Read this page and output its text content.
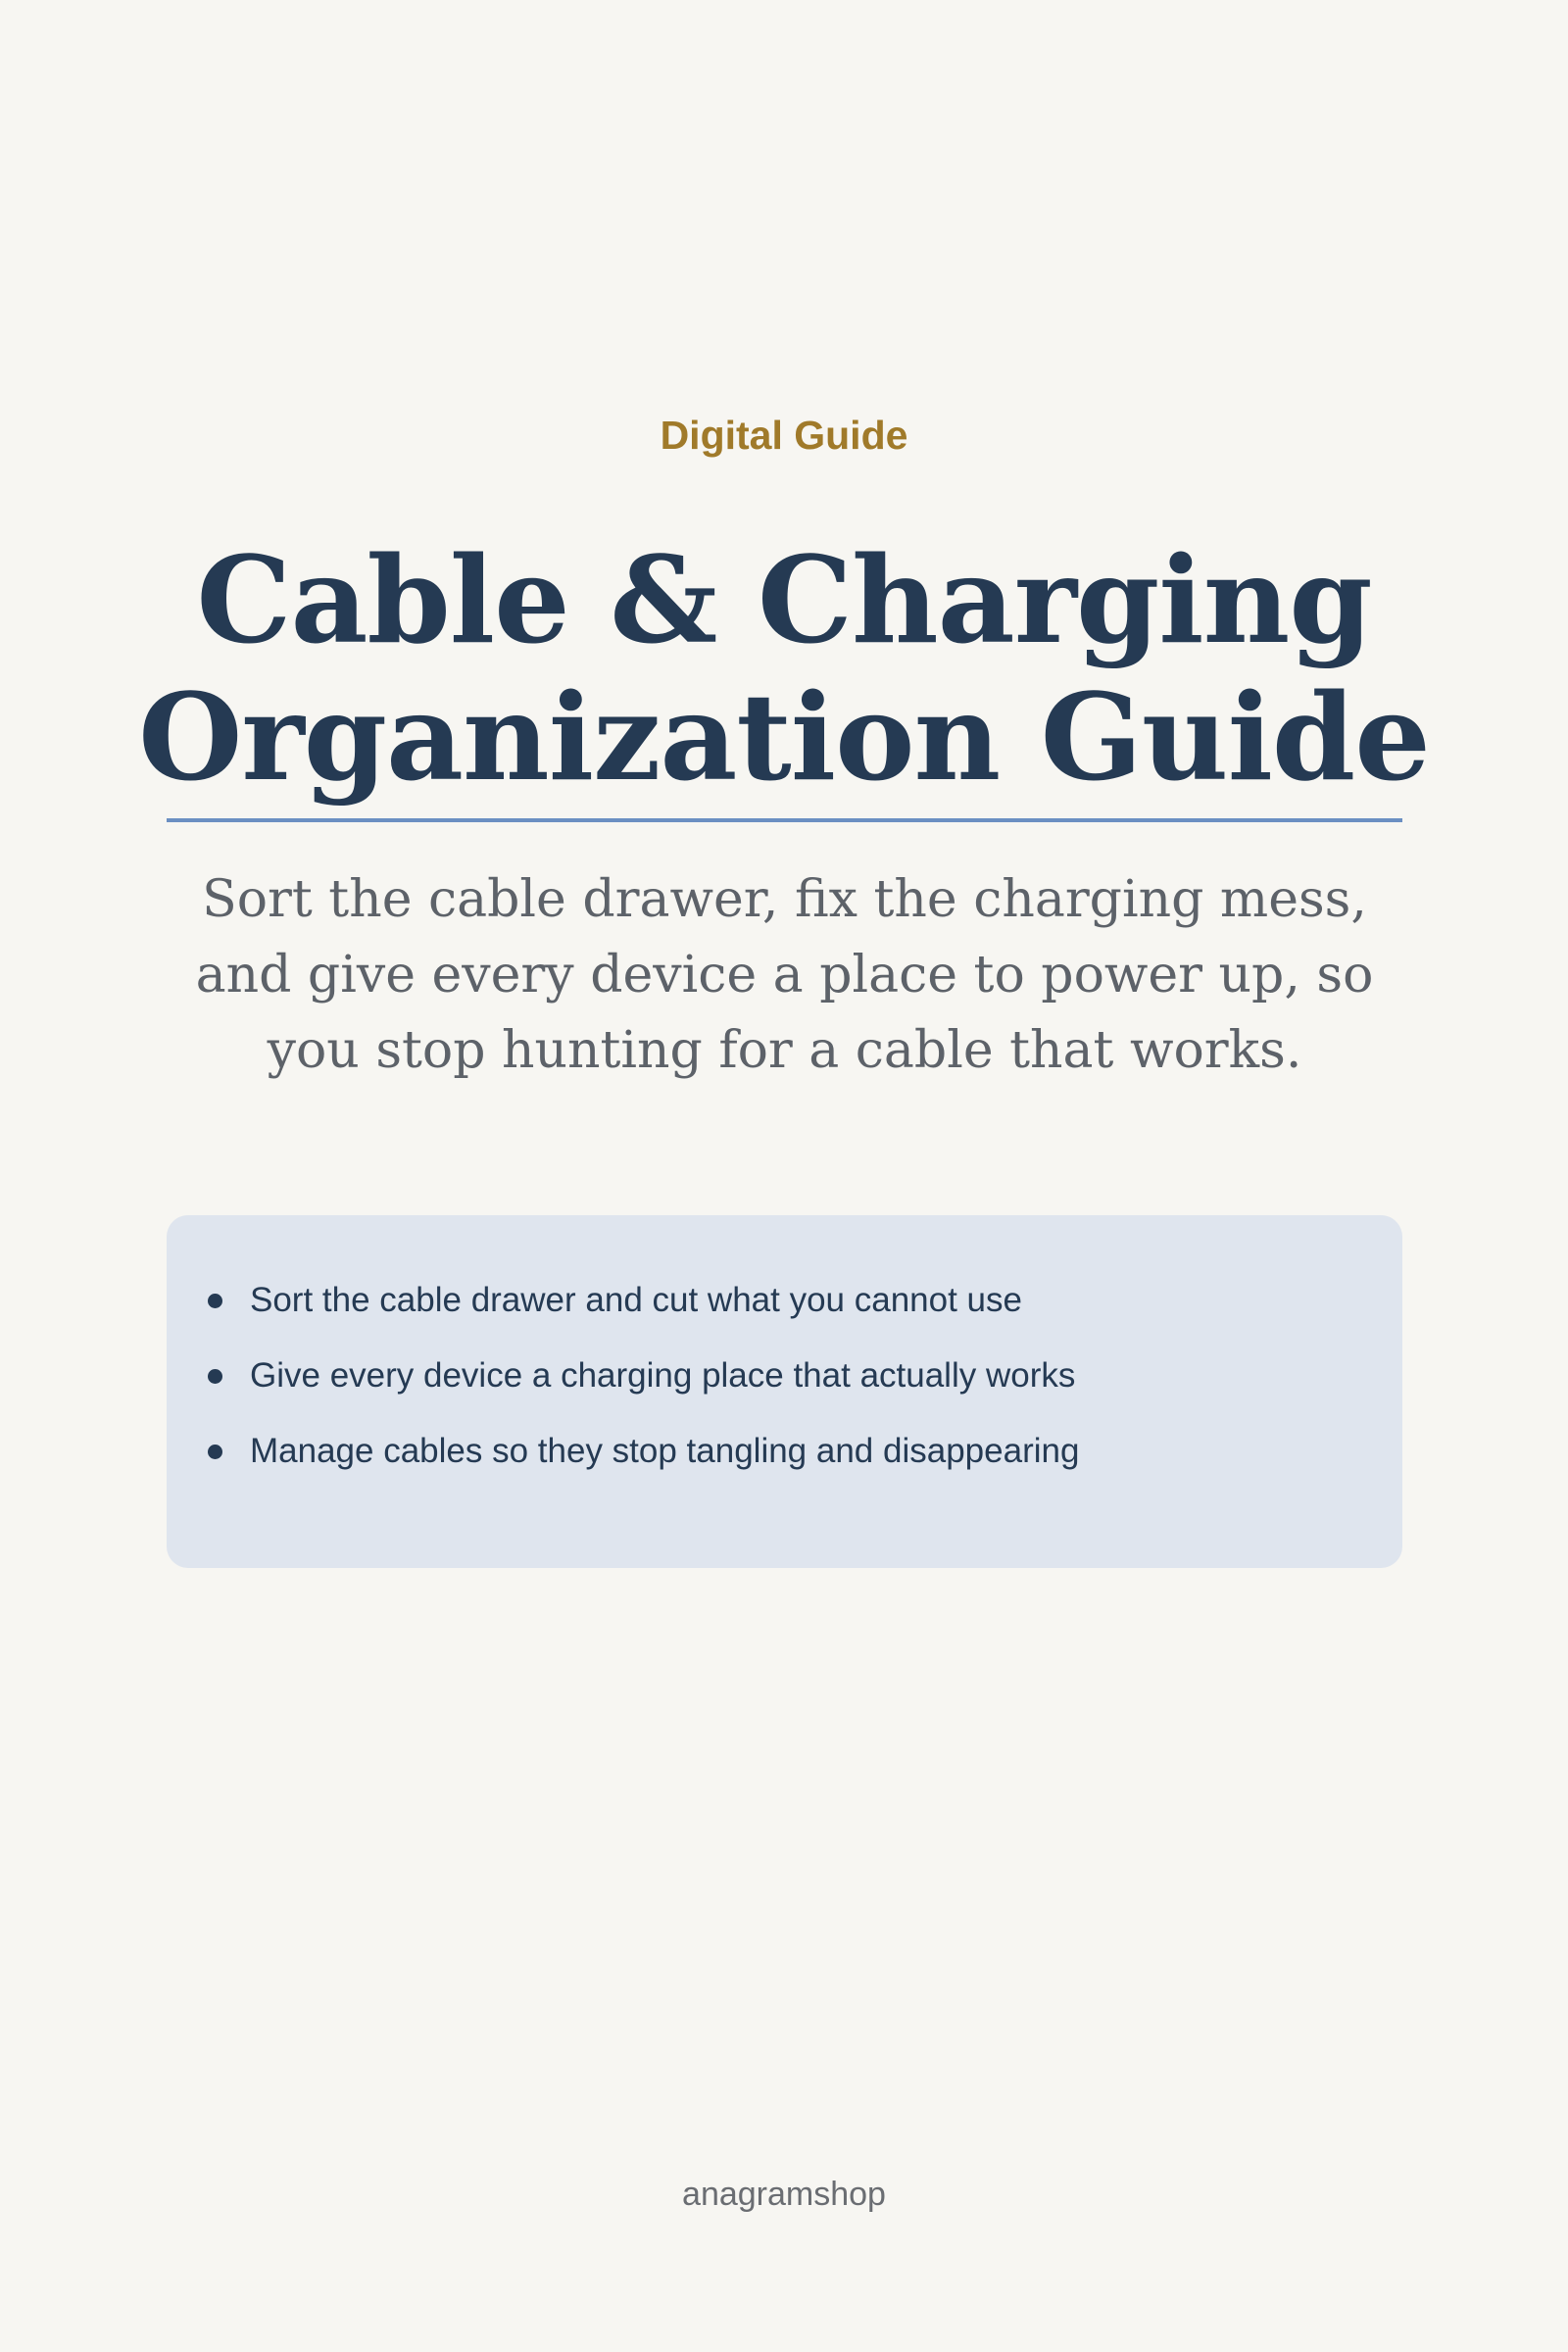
Digital Guide
Cable & Charging
Organization Guide

Sort the cable drawer, fix the charging mess, and give every device a place to power up, so you stop hunting for a cable that works.

Sort the cable drawer and cut what you cannot use
Give every device a charging place that actually works
Manage cables so they stop tangling and disappearing
anagramshop
